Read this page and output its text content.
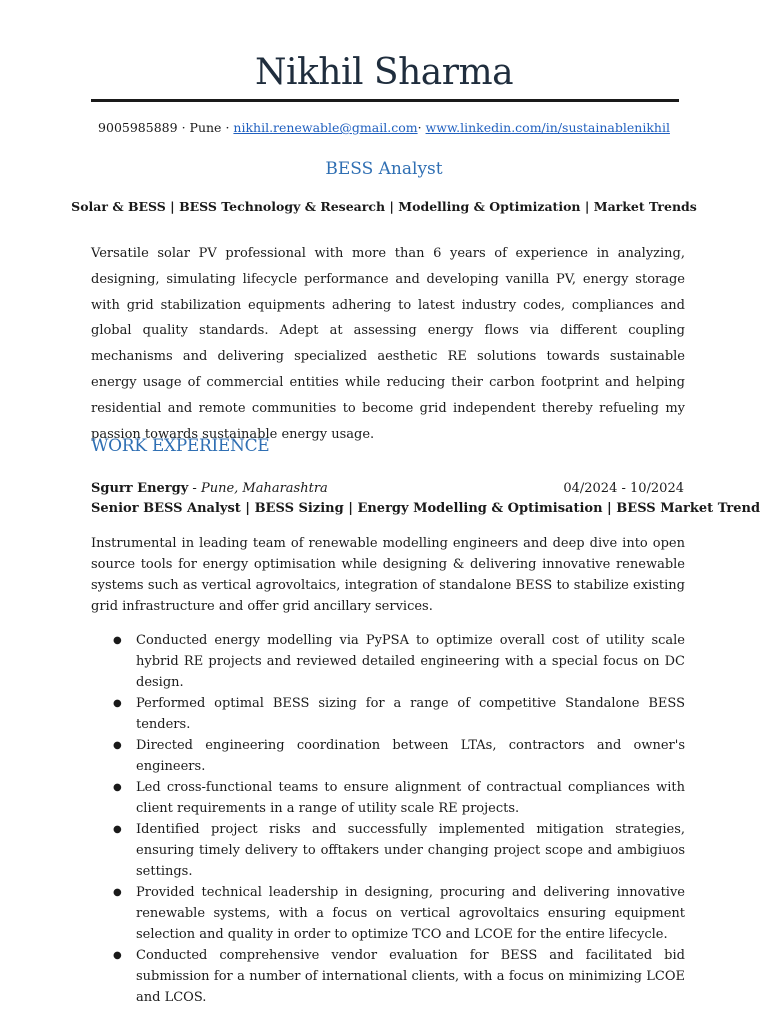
Nikhil Sharma
9005985889 · Pune · nikhil.renewable@gmail.com· www.linkedin.com/in/sustainablenikhil
BESS Analyst
Solar & BESS | BESS Technology & Research | Modelling & Optimization | Market Trends

Versatile solar PV professional with more than 6 years of experience in analyzing, designing, simulating lifecycle performance and developing vanilla PV, energy storage with grid stabilization equipments adhering to latest industry codes, compliances and global quality standards. Adept at assessing energy flows via different coupling mechanisms and delivering specialized aesthetic RE solutions towards sustainable energy usage of commercial entities while reducing their carbon footprint and helping residential and remote communities to become grid independent thereby refueling my passion towards sustainable energy usage.

WORK EXPERIENCE
Sgurr Energy - Pune, Maharashtra	04/2024 - 10/2024
Senior BESS Analyst | BESS Sizing | Energy Modelling & Optimisation | BESS Market Trend

Instrumental in leading team of renewable modelling engineers and deep dive into open source tools for energy optimisation while designing & delivering innovative renewable systems such as vertical agrovoltaics, integration of standalone BESS to stabilize existing grid infrastructure and offer grid ancillary services.

● Conducted energy modelling via PyPSA to optimize overall cost of utility scale hybrid RE projects and reviewed detailed engineering with a special focus on DC design.
● Performed optimal BESS sizing for a range of competitive Standalone BESS tenders.
● Directed engineering coordination between LTAs, contractors and owner's engineers.
● Led cross-functional teams to ensure alignment of contractual compliances with client requirements in a range of utility scale RE projects.
● Identified project risks and successfully implemented mitigation strategies, ensuring timely delivery to offtakers under changing project scope and ambigiuos settings.
● Provided technical leadership in designing, procuring and delivering innovative renewable systems, with a focus on vertical agrovoltaics ensuring equipment selection and quality in order to optimize TCO and LCOE for the entire lifecycle.
● Conducted comprehensive vendor evaluation for BESS and facilitated bid submission for a number of international clients, with a focus on minimizing LCOE and LCOS.
